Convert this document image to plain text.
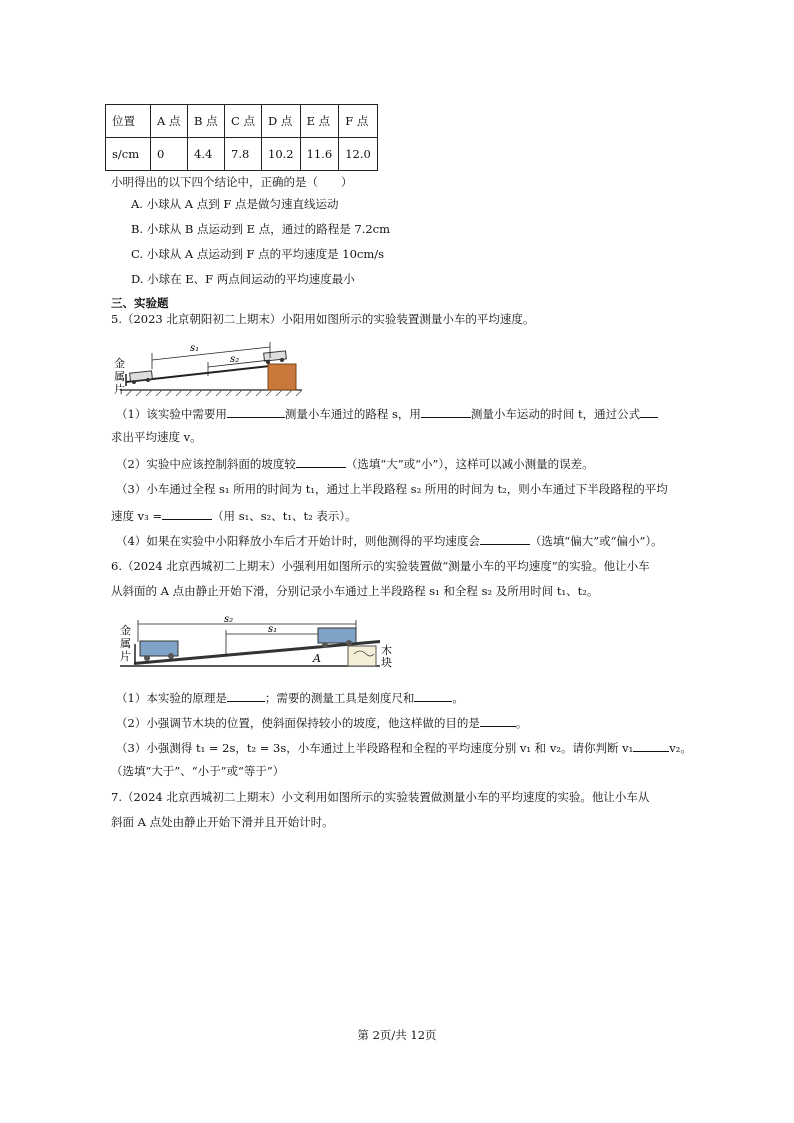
位置	A 点	B 点	C 点	D 点	E 点	F 点
s/cm	0	4.4	7.8	10.2	11.6	12.0
小明得出的以下四个结论中，正确的是（　　）
A. 小球从 A 点到 F 点是做匀速直线运动
B. 小球从 B 点运动到 E 点，通过的路程是 7.2cm
C. 小球从 A 点运动到 F 点的平均速度是 10cm/s
D. 小球在 E、F 两点间运动的平均速度最小
三、实验题
5.（2023 北京朝阳初二上期末）小阳用如图所示的实验装置测量小车的平均速度。
金
属
片
s₁
s₂
（1）该实验中需要用	测量小车通过的路程 s，用	测量小车运动的时间 t，通过公式
求出平均速度 v。
（2）实验中应该控制斜面的坡度较	（选填“大”或“小”），这样可以减小测量的误差。
（3）小车通过全程 s₁ 所用的时间为 t₁，通过上半段路程 s₂ 所用的时间为 t₂，则小车通过下半段路程的平均
速度 v₃ =	（用 s₁、s₂、t₁、t₂ 表示）。
（4）如果在实验中小阳释放小车后才开始计时，则他测得的平均速度会	（选填“偏大”或“偏小”）。
6.（2024 北京西城初二上期末）小强利用如图所示的实验装置做“测量小车的平均速度”的实验。他让小车
从斜面的 A 点由静止开始下滑，分别记录小车通过上半段路程 s₁ 和全程 s₂ 及所用时间 t₁、t₂。
金
属
片	木
块
s₂
s₁
A
（1）本实验的原理是	；需要的测量工具是刻度尺和	。
（2）小强调节木块的位置，使斜面保持较小的坡度，他这样做的目的是	。
（3）小强测得 t₁ = 2s，t₂ = 3s，小车通过上半段路程和全程的平均速度分别 v₁ 和 v₂。请你判断 v₁	v₂。
（选填“大于”、“小于”或“等于”）
7.（2024 北京西城初二上期末）小文利用如图所示的实验装置做测量小车的平均速度的实验。他让小车从
斜面 A 点处由静止开始下滑并且开始计时。
第 2页/共 12页
